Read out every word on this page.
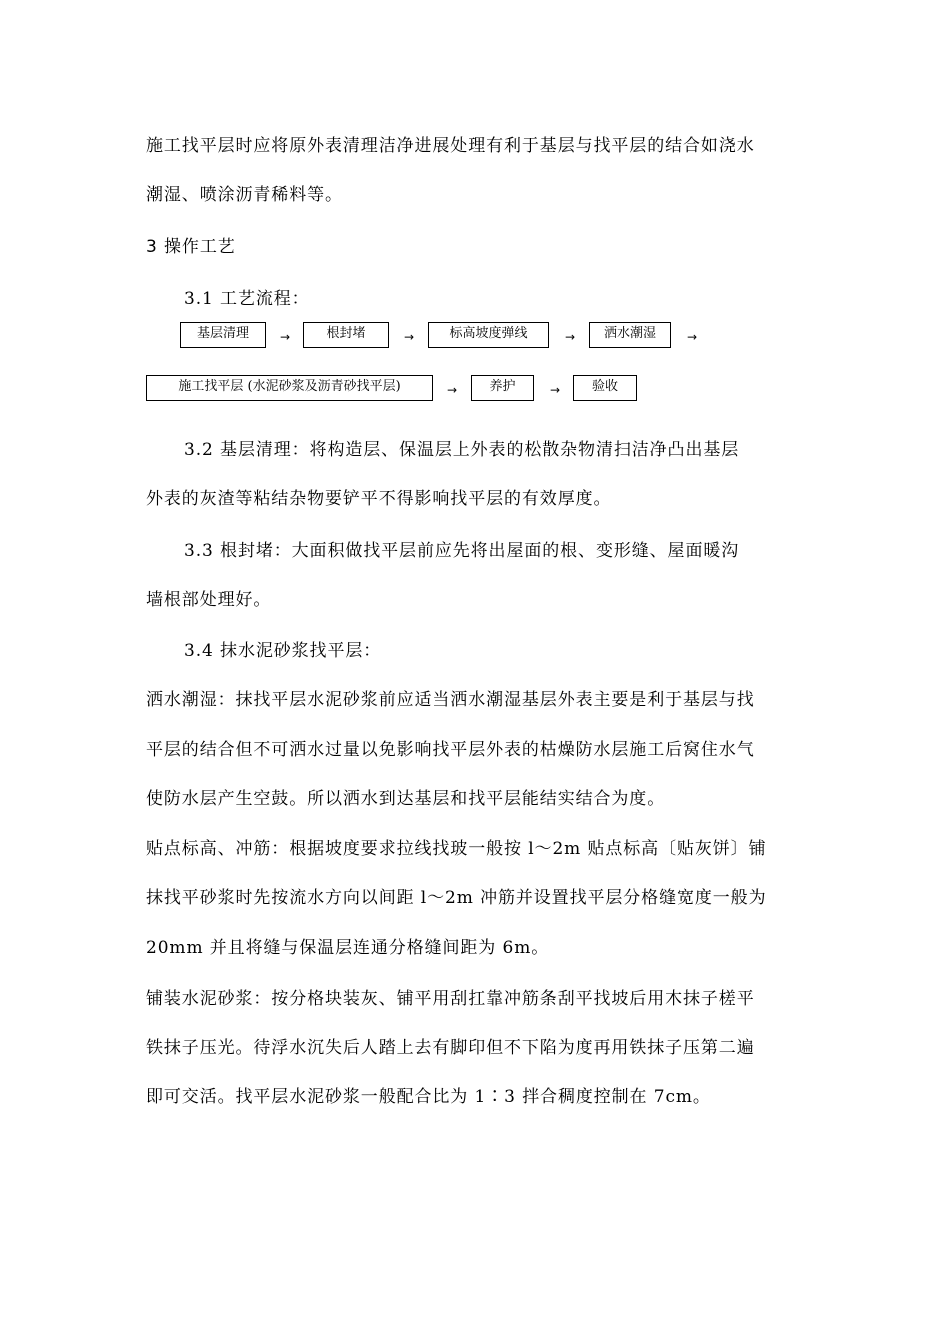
施工找平层时应将原外表清理洁净进展处理有利于基层与找平层的结合如浇水
潮湿、喷涂沥青稀料等。
3 操作工艺
3.1 工艺流程：
基层清理	→	根封堵	→	标高坡度弹线	→	洒水潮湿	→
施工找平层 (水泥砂浆及沥青砂找平层)	→	养护	→	验收
3.2 基层清理：将构造层、保温层上外表的松散杂物清扫洁净凸出基层
外表的灰渣等粘结杂物要铲平不得影响找平层的有效厚度。
3.3 根封堵：大面积做找平层前应先将出屋面的根、变形缝、屋面暖沟
墙根部处理好。
3.4 抹水泥砂浆找平层：
洒水潮湿：抹找平层水泥砂浆前应适当洒水潮湿基层外表主要是利于基层与找
平层的结合但不可洒水过量以免影响找平层外表的枯燥防水层施工后窝住水气
使防水层产生空鼓。所以洒水到达基层和找平层能结实结合为度。
贴点标高、冲筋：根据坡度要求拉线找玻一般按 l～2m 贴点标高〔贴灰饼〕铺
抹找平砂浆时先按流水方向以间距 l～2m 冲筋并设置找平层分格缝宽度一般为
20mm 并且将缝与保温层连通分格缝间距为 6m。
铺装水泥砂浆：按分格块装灰、铺平用刮扛靠冲筋条刮平找坡后用木抹子槎平
铁抹子压光。待浮水沉失后人踏上去有脚印但不下陷为度再用铁抹子压第二遍
即可交活。找平层水泥砂浆一般配合比为 1∶3 拌合稠度控制在 7cm。
